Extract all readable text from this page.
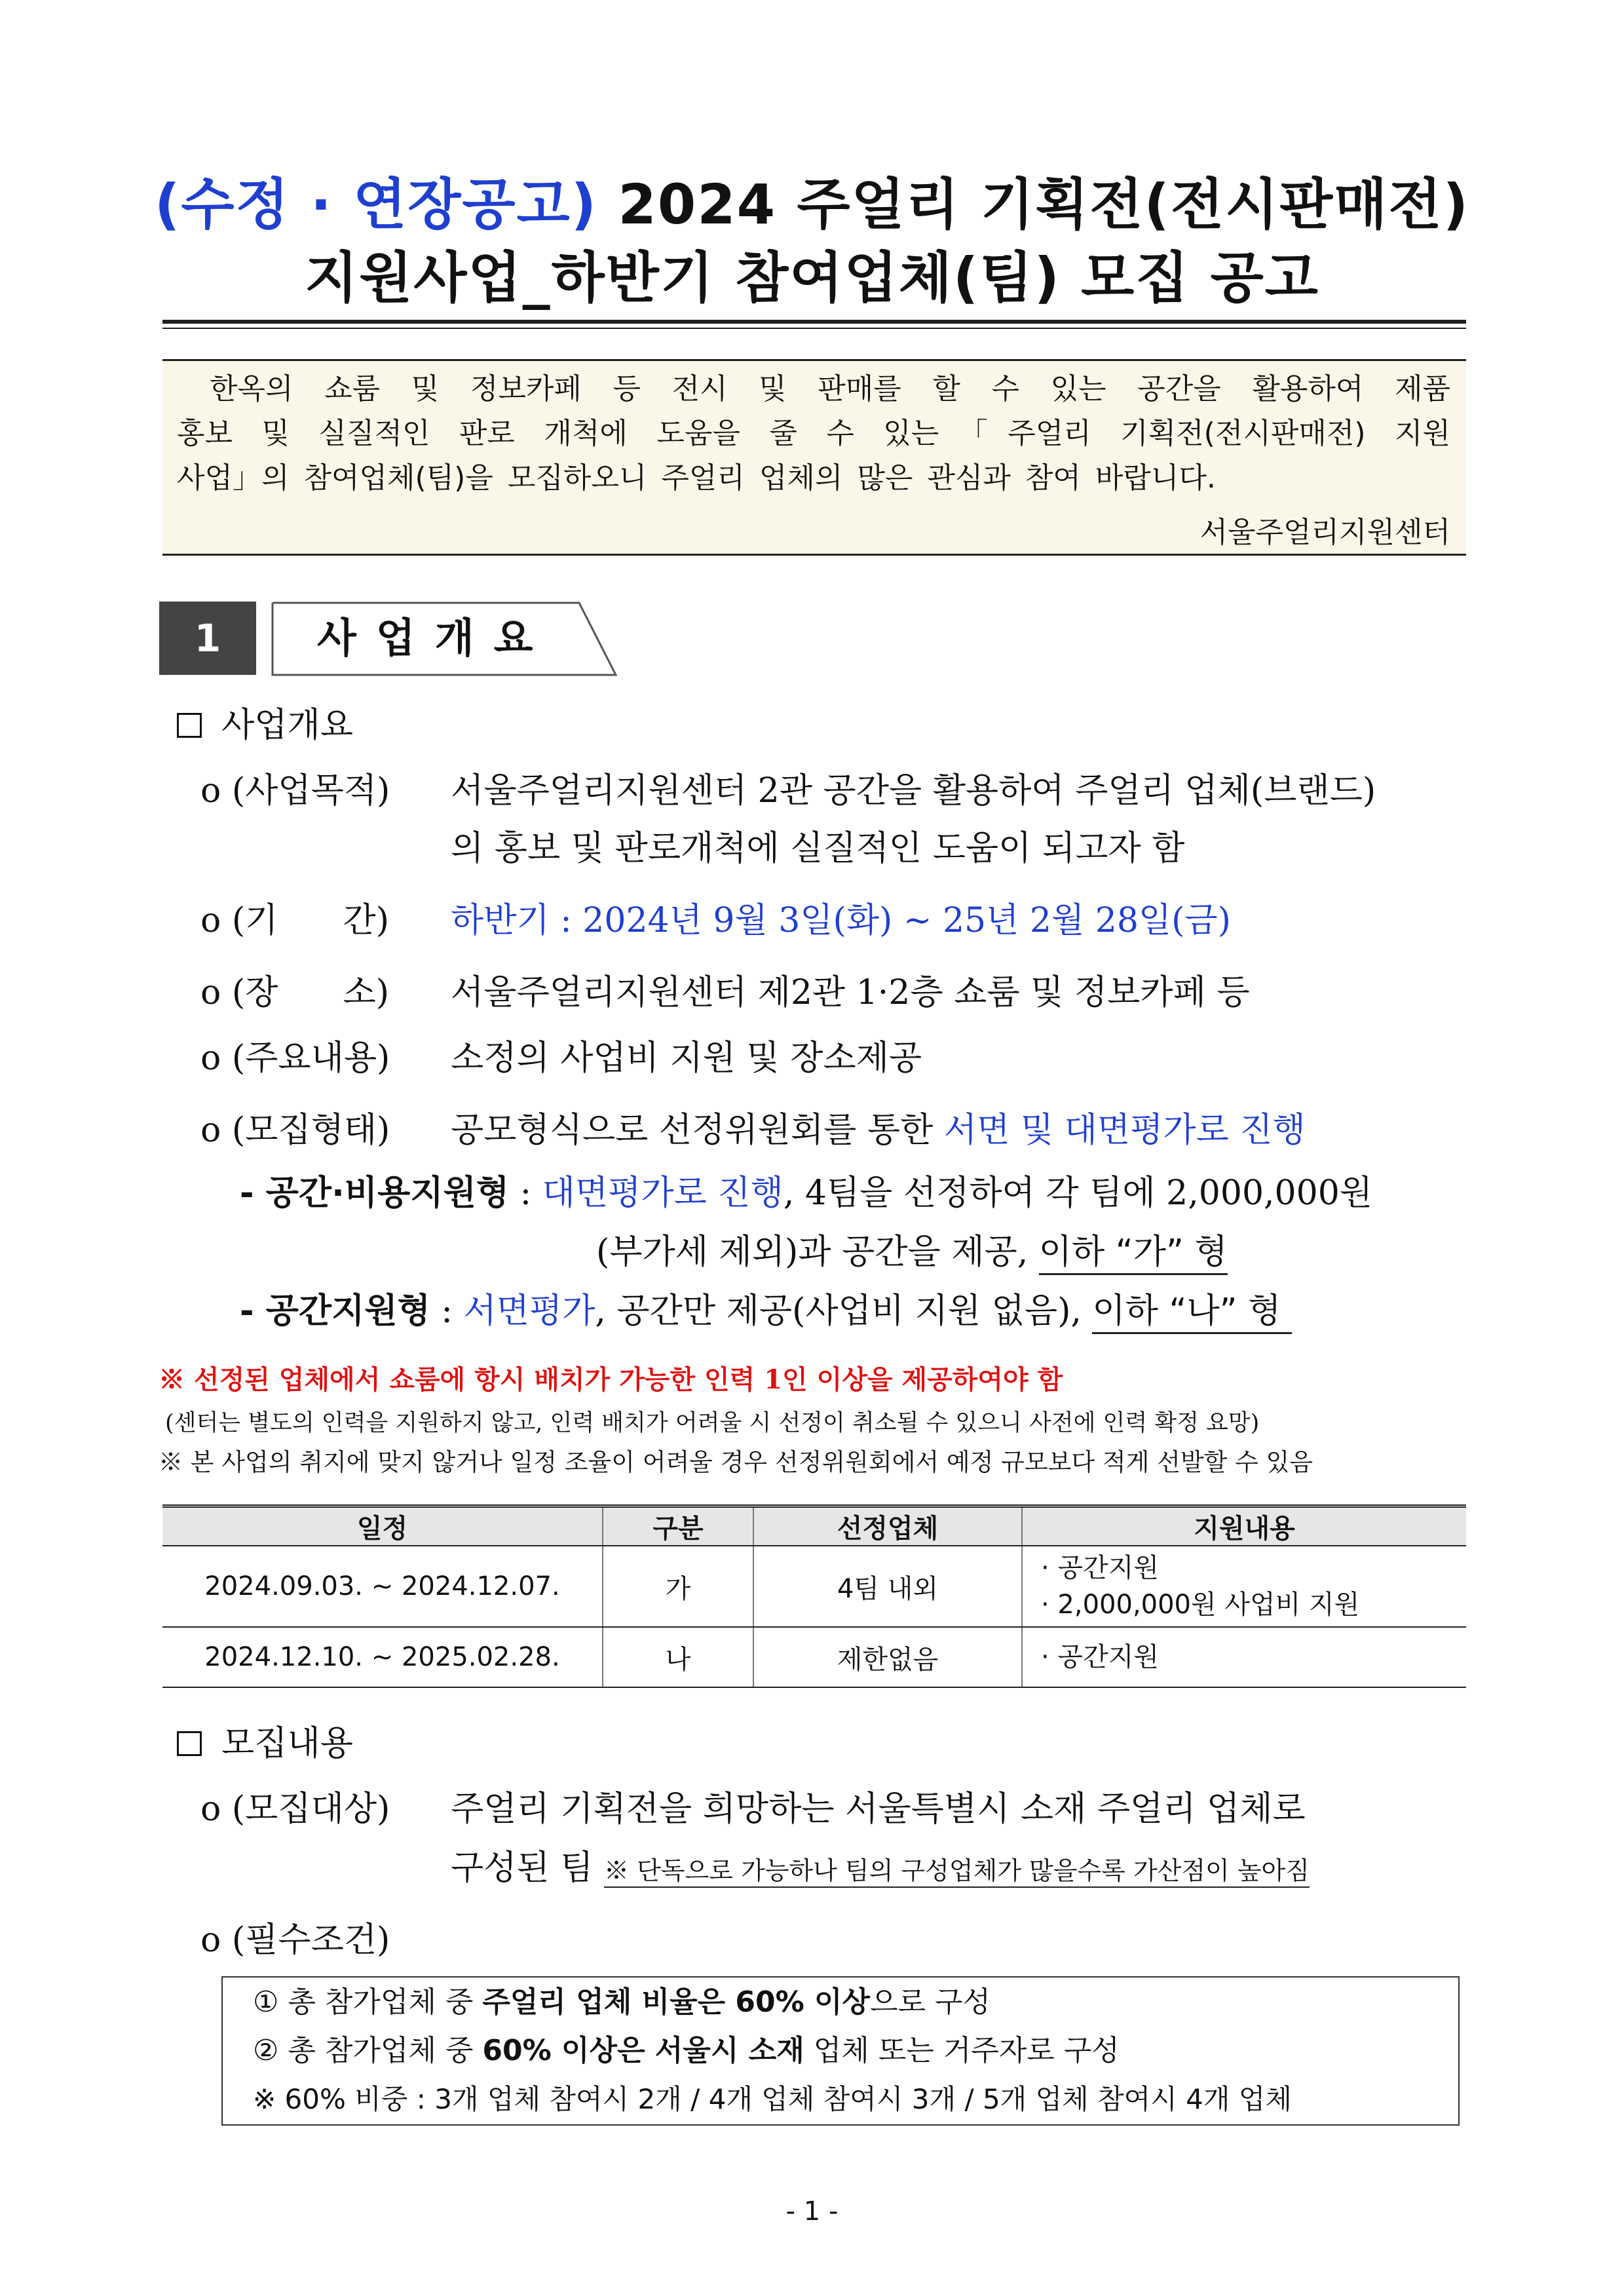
(수정 · 연장공고) 2024 주얼리 기획전(전시판매전)
지원사업_하반기 참여업체(팀) 모집 공고
한옥의 쇼룸 및 정보카페 등 전시 및 판매를 할 수 있는 공간을 활용하여 제품
홍보 및 실질적인 판로 개척에 도움을 줄 수 있는「주얼리 기획전(전시판매전) 지원
사업」의 참여업체(팀)을 모집하오니 주얼리 업체의 많은 관심과 참여 바랍니다.
서울주얼리지원센터
1	사업개요
사업개요
o (사업목적) 서울주얼리지원센터 2관 공간을 활용하여 주얼리 업체(브랜드)
의 홍보 및 판로개척에 실질적인 도움이 되고자 함
o (기      간) 하반기 : 2024년 9월 3일(화) ~ 25년 2월 28일(금)
o (장      소) 서울주얼리지원센터 제2관 1·2층 쇼룸 및 정보카페 등
o (주요내용) 소정의 사업비 지원 및 장소제공
o (모집형태) 공모형식으로 선정위원회를 통한 서면 및 대면평가로 진행
- 공간·비용지원형 : 대면평가로 진행, 4팀을 선정하여 각 팀에 2,000,000원
(부가세 제외)과 공간을 제공, 이하 “가” 형
- 공간지원형 : 서면평가, 공간만 제공(사업비 지원 없음), 이하 “나” 형
※ 선정된 업체에서 쇼룸에 항시 배치가 가능한 인력 1인 이상을 제공하여야 함
(센터는 별도의 인력을 지원하지 않고, 인력 배치가 어려울 시 선정이 취소될 수 있으니 사전에 인력 확정 요망)
※ 본 사업의 취지에 맞지 않거나 일정 조율이 어려울 경우 선정위원회에서 예정 규모보다 적게 선발할 수 있음
일정	구분	선정업체	지원내용
2024.09.03. ~ 2024.12.07.	가	4팀 내외	· 공간지원
· 2,000,000원 사업비 지원

2024.12.10. ~ 2025.02.28.	나	제한없음	· 공간지원
모집내용
o (모집대상) 주얼리 기획전을 희망하는 서울특별시 소재 주얼리 업체로
구성된 팀 ※ 단독으로 가능하나 팀의 구성업체가 많을수록 가산점이 높아짐
o (필수조건)
① 총 참가업체 중 주얼리 업체 비율은 60% 이상으로 구성
② 총 참가업체 중 60% 이상은 서울시 소재 업체 또는 거주자로 구성
※ 60% 비중 : 3개 업체 참여시 2개 / 4개 업체 참여시 3개 / 5개 업체 참여시 4개 업체
- 1 -
